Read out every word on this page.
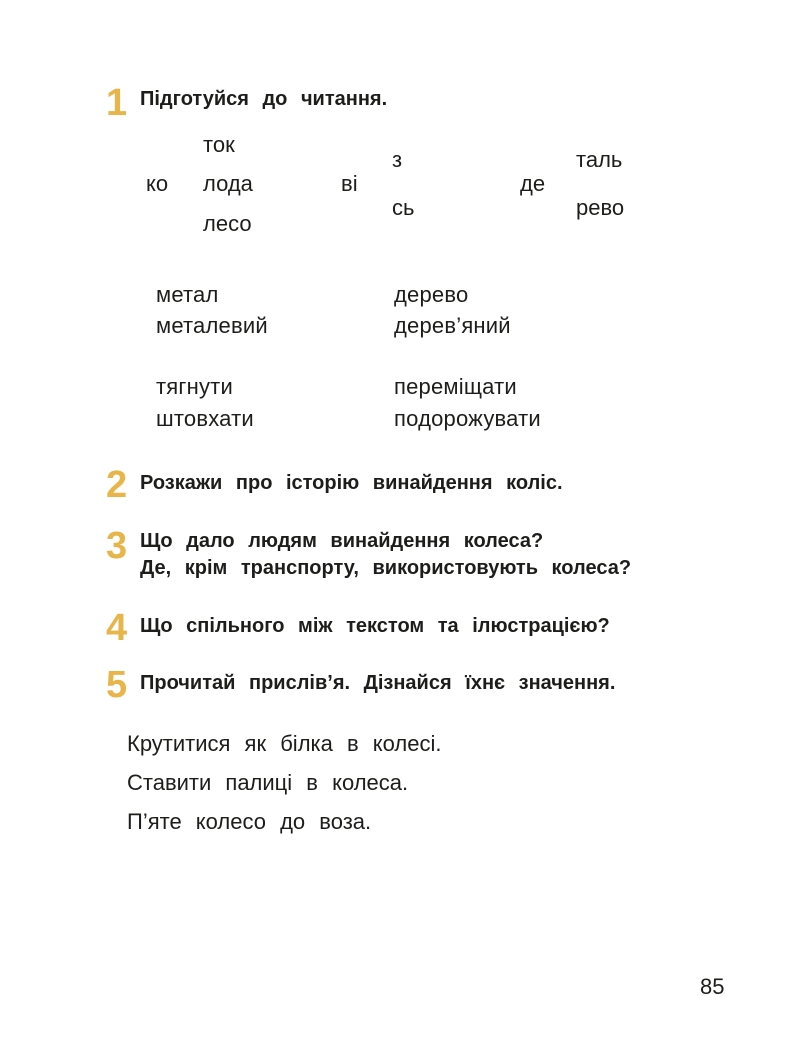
1 Підготуйся до читання.
ко
ток
лода
лесо
ві
з
сь
де
таль
рево
метал
металевий
дерево
дерев’яний
тягнути
штовхати
переміщати
подорожувати
2 Розкажи про історію винайдення коліс.
3 Що дало людям винайдення колеса?
Де, крім транспорту, використовують колеса?
4 Що спільного між текстом та ілюстрацією?
5 Прочитай прислів’я. Дізнайся їхнє значення.
Крутитися як білка в колесі.
Ставити палиці в колеса.
П’яте колесо до воза.
85
